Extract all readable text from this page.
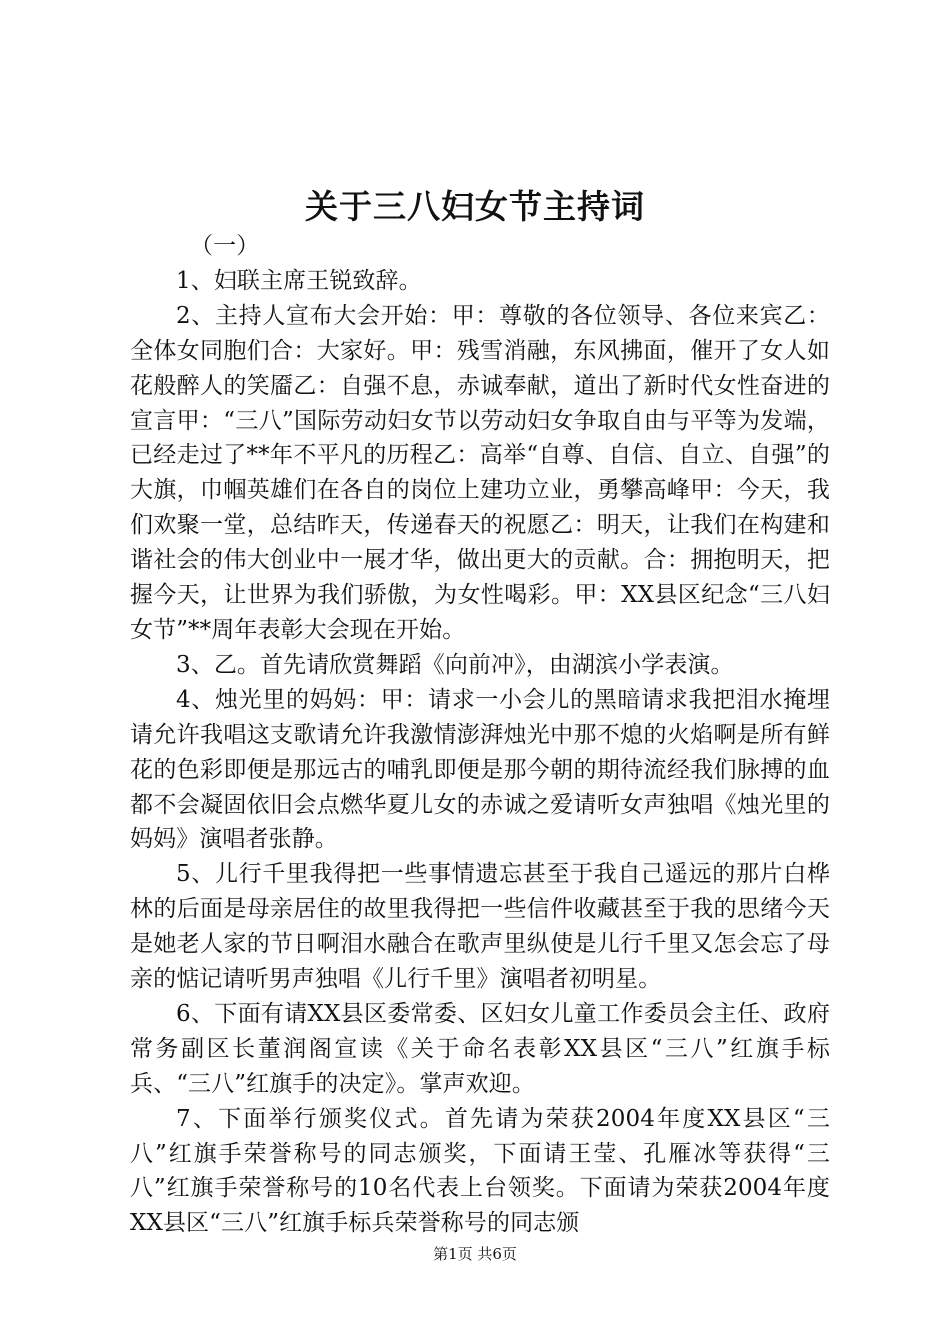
关于三八妇女节主持词

（一）

1、妇联主席王锐致辞。

2、主持人宣布大会开始：甲：尊敬的各位领导、各位来宾乙：全体女同胞们合：大家好。甲：残雪消融，东风拂面，催开了女人如花般醉人的笑靥乙：自强不息，赤诚奉献，道出了新时代女性奋进的宣言甲：“三八”国际劳动妇女节以劳动妇女争取自由与平等为发端，已经走过了**年不平凡的历程乙：高举“自尊、自信、自立、自强”的大旗，巾帼英雄们在各自的岗位上建功立业，勇攀高峰甲：今天，我们欢聚一堂，总结昨天，传递春天的祝愿乙：明天，让我们在构建和谐社会的伟大创业中一展才华，做出更大的贡献。合：拥抱明天，把握今天，让世界为我们骄傲，为女性喝彩。甲：XX县区纪念“三八妇女节”**周年表彰大会现在开始。

3、乙。首先请欣赏舞蹈《向前冲》，由湖滨小学表演。

4、烛光里的妈妈：甲：请求一小会儿的黑暗请求我把泪水掩埋请允许我唱这支歌请允许我激情澎湃烛光中那不熄的火焰啊是所有鲜花的色彩即便是那远古的哺乳即便是那今朝的期待流经我们脉搏的血都不会凝固依旧会点燃华夏儿女的赤诚之爱请听女声独唱《烛光里的妈妈》演唱者张静。

5、儿行千里我得把一些事情遗忘甚至于我自己遥远的那片白桦林的后面是母亲居住的故里我得把一些信件收藏甚至于我的思绪今天是她老人家的节日啊泪水融合在歌声里纵使是儿行千里又怎会忘了母亲的惦记请听男声独唱《儿行千里》演唱者初明星。

6、下面有请XX县区委常委、区妇女儿童工作委员会主任、政府常务副区长董润阁宣读《关于命名表彰XX县区“三八”红旗手标兵、“三八”红旗手的决定》。掌声欢迎。

7、下面举行颁奖仪式。首先请为荣获2004年度XX县区“三八”红旗手荣誉称号的同志颁奖，下面请王莹、孔雁冰等获得“三八”红旗手荣誉称号的10名代表上台领奖。下面请为荣获2004年度XX县区“三八”红旗手标兵荣誉称号的同志颁

第1页 共6页
